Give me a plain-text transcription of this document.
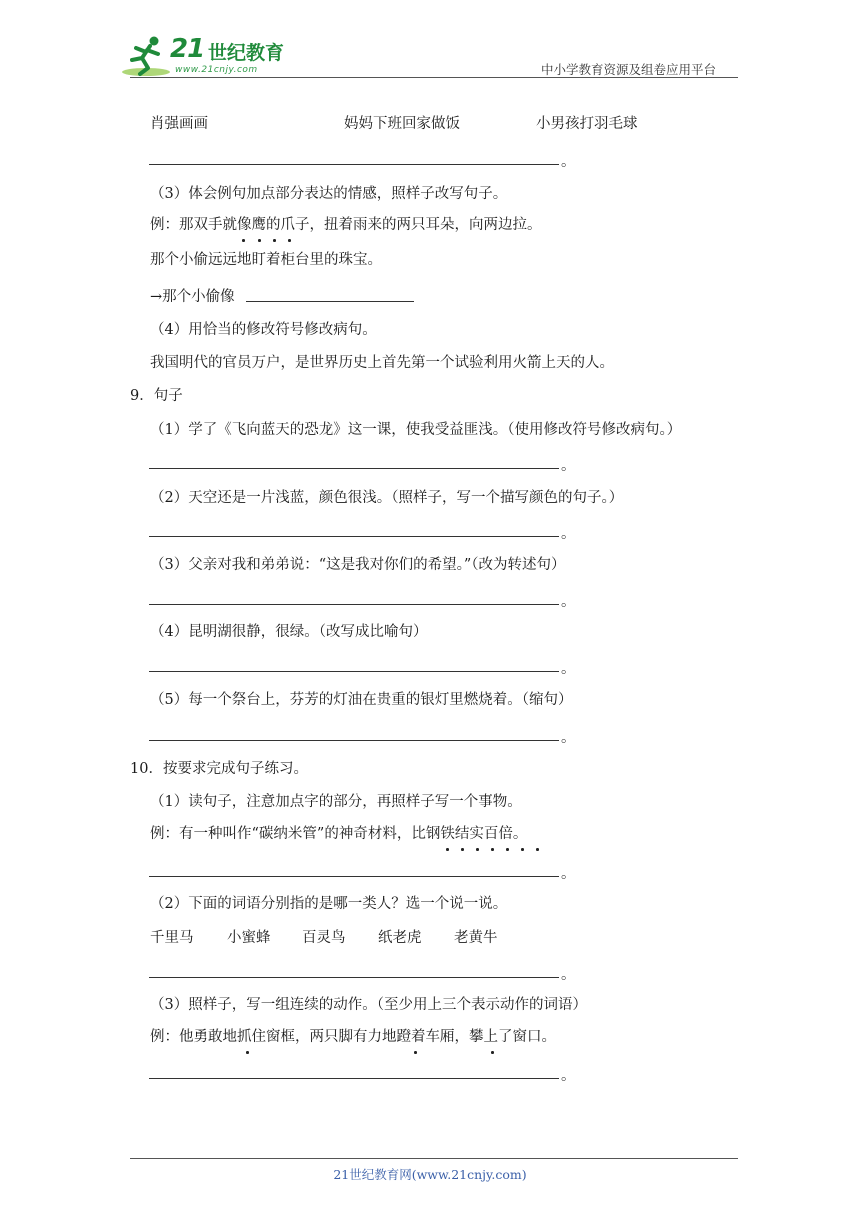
21 世纪教育
www.21cnjy.com	中小学教育资源及组卷应用平台
肖强画画	妈妈下班回家做饭	小男孩打羽毛球
。
（3）体会例句加点部分表达的情感，照样子改写句子。
例：那双手就像鹰的爪子，扭着雨来的两只耳朵，向两边拉。
那个小偷远远地盯着柜台里的珠宝。
→那个小偷像
（4）用恰当的修改符号修改病句。
我国明代的官员万户，是世界历史上首先第一个试验利用火箭上天的人。
9．句子
（1）学了《飞向蓝天的恐龙》这一课，使我受益匪浅。（使用修改符号修改病句。）
。
（2）天空还是一片浅蓝，颜色很浅。（照样子，写一个描写颜色的句子。）
。
（3）父亲对我和弟弟说：“这是我对你们的希望。”（改为转述句）
。
（4）昆明湖很静，很绿。（改写成比喻句）
。
（5）每一个祭台上，芬芳的灯油在贵重的银灯里燃烧着。（缩句）
。
10．按要求完成句子练习。
（1）读句子，注意加点字的部分，再照样子写一个事物。
例：有一种叫作“碳纳米管”的神奇材料，比钢铁结实百倍。
。
（2）下面的词语分别指的是哪一类人？选一个说一说。
千里马 小蜜蜂 百灵鸟 纸老虎 老黄牛
。
（3）照样子，写一组连续的动作。（至少用上三个表示动作的词语）
例：他勇敢地抓住窗框，两只脚有力地蹬着车厢，攀上了窗口。
。
21世纪教育网(www.21cnjy.com)
